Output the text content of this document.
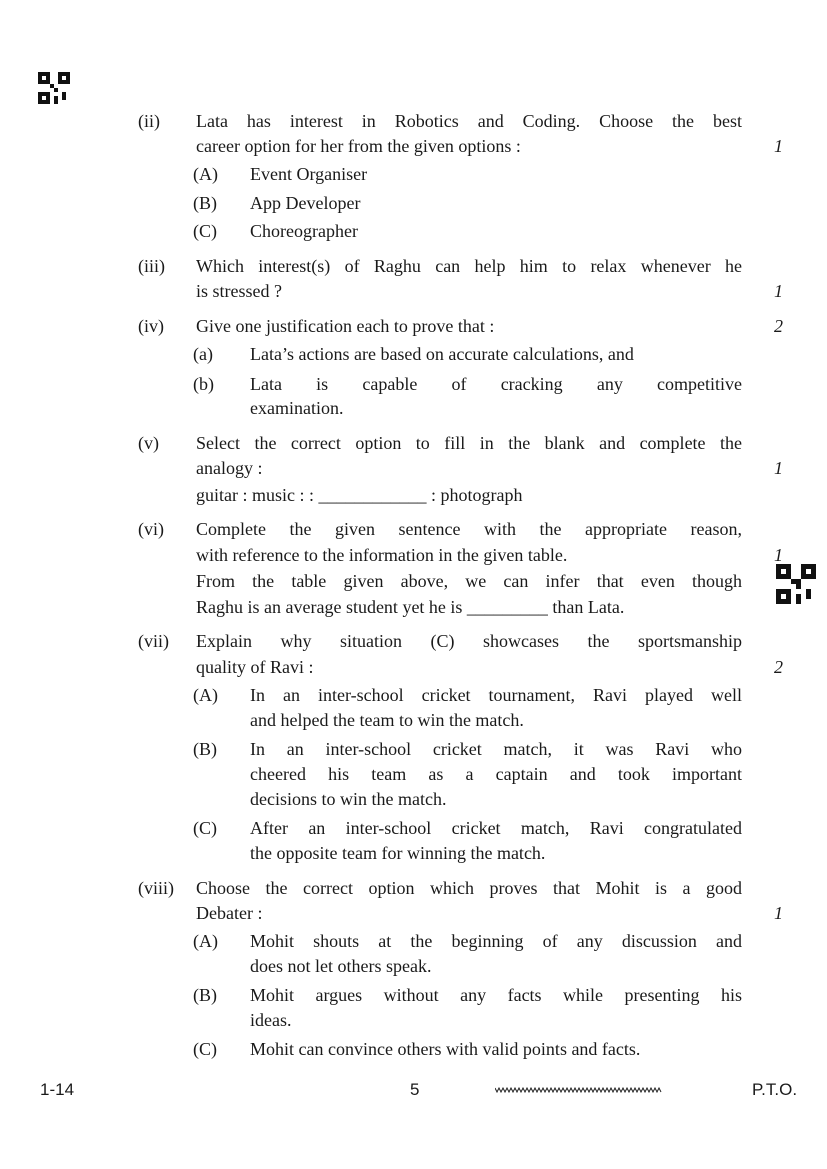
(ii) Lata has interest in Robotics and Coding. Choose the best
career option for her from the given options :	1
(A) Event Organiser
(B) App Developer
(C) Choreographer
(iii) Which interest(s) of Raghu can help him to relax whenever he
is stressed ?	1
(iv) Give one justification each to prove that :	2
(a) Lata’s actions are based on accurate calculations, and
(b) Lata is capable of cracking any competitive
examination.
(v) Select the correct option to fill in the blank and complete the
analogy :	1
guitar : music : : ____________ : photograph
(vi) Complete the given sentence with the appropriate reason,
with reference to the information in the given table.	1
From the table given above, we can infer that even though
Raghu is an average student yet he is _________ than Lata.
(vii) Explain why situation (C) showcases the sportsmanship
quality of Ravi :	2
(A) In an inter-school cricket tournament, Ravi played well
and helped the team to win the match.
(B) In an inter-school cricket match, it was Ravi who
cheered his team as a captain and took important
decisions to win the match.
(C) After an inter-school cricket match, Ravi congratulated
the opposite team for winning the match.
(viii) Choose the correct option which proves that Mohit is a good
Debater :	1
(A) Mohit shouts at the beginning of any discussion and
does not let others speak.
(B) Mohit argues without any facts while presenting his
ideas.
(C) Mohit can convince others with valid points and facts.
1-14	5	P.T.O.
